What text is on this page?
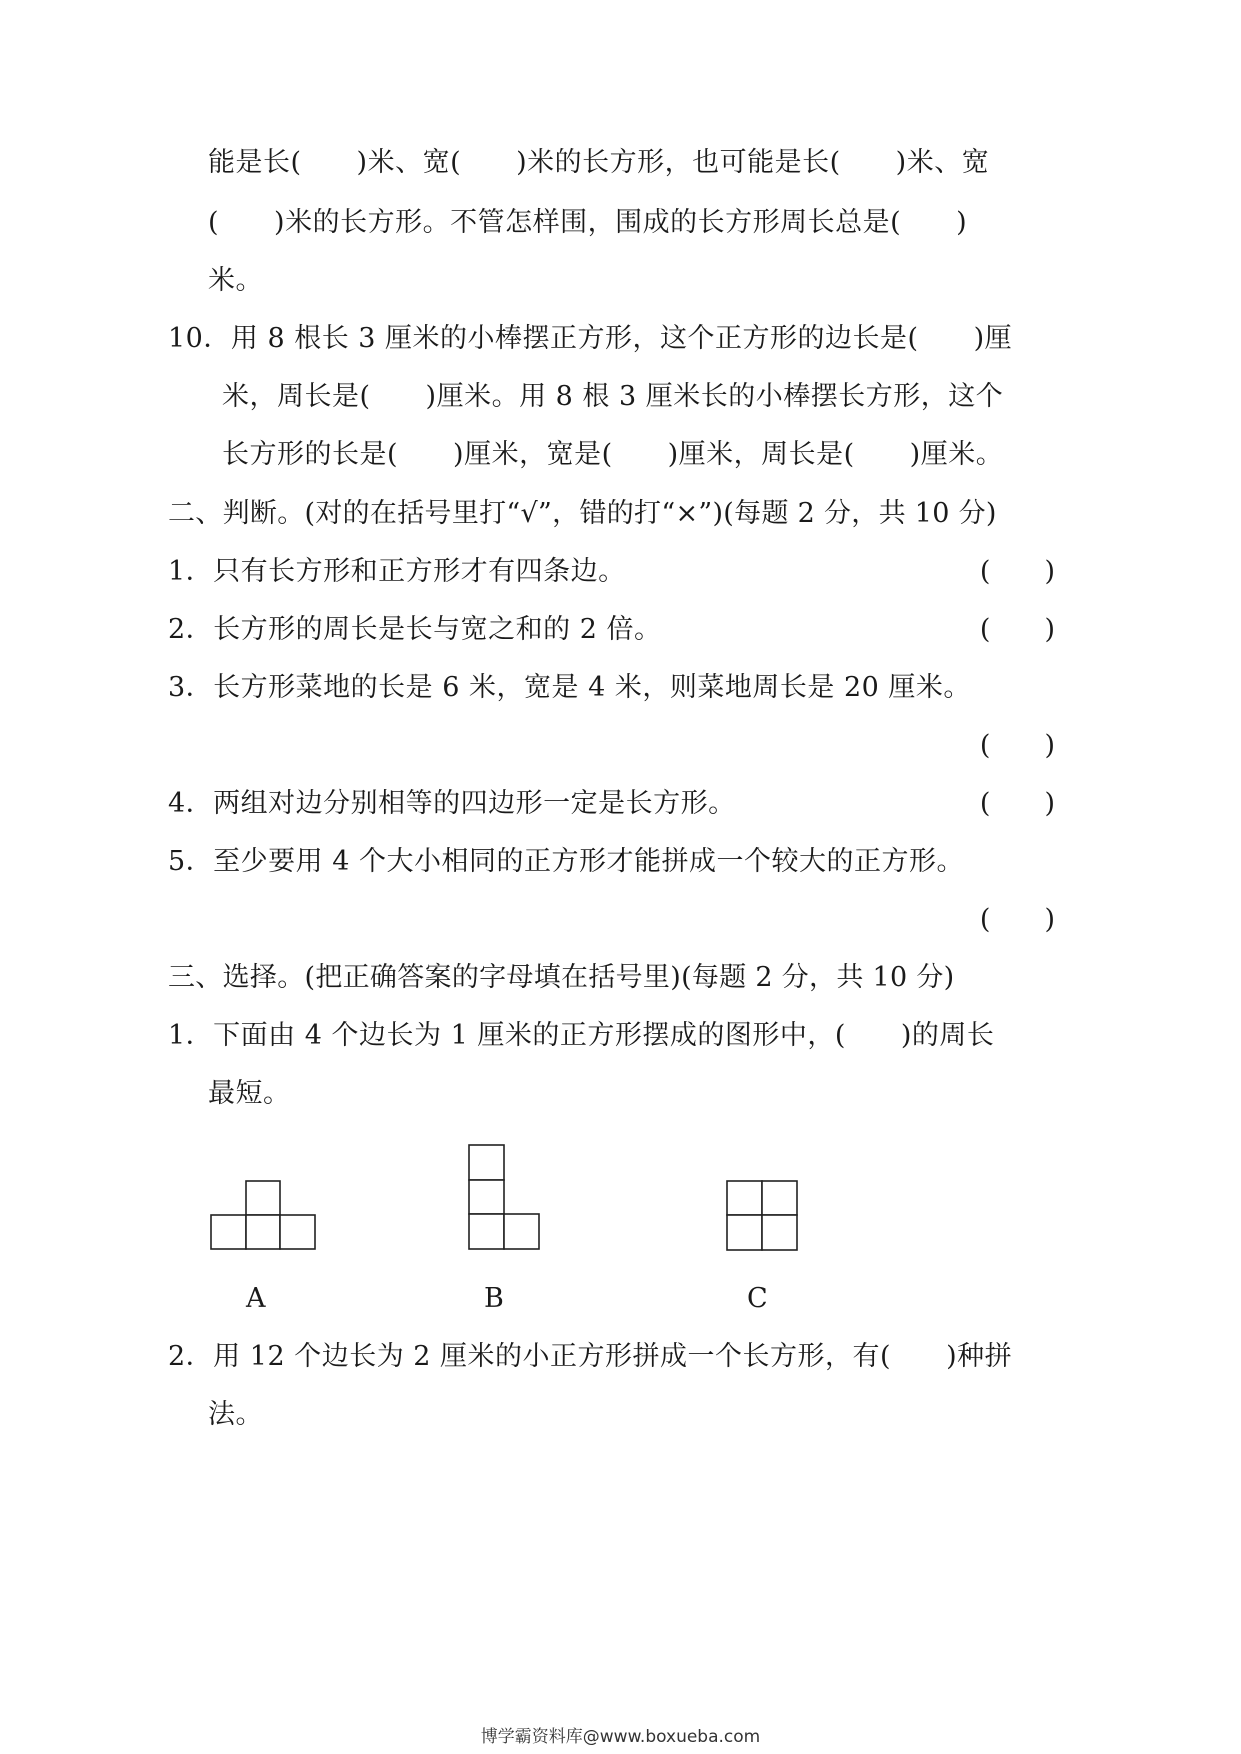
能是长(　　)米、宽(　　)米的长方形，也可能是长(　　)米、宽
(　　)米的长方形。不管怎样围，围成的长方形周长总是(　　)
米。
10．用 8 根长 3 厘米的小棒摆正方形，这个正方形的边长是(　　)厘
米，周长是(　　)厘米。用 8 根 3 厘米长的小棒摆长方形，这个
长方形的长是(　　)厘米，宽是(　　)厘米，周长是(　　)厘米。
二、判断。(对的在括号里打“√”，错的打“×”)(每题 2 分，共 10 分)
1．只有长方形和正方形才有四条边。	(　　)
2．长方形的周长是长与宽之和的 2 倍。	(　　)
3．长方形菜地的长是 6 米，宽是 4 米，则菜地周长是 20 厘米。
(　　)
4．两组对边分别相等的四边形一定是长方形。	(　　)
5．至少要用 4 个大小相同的正方形才能拼成一个较大的正方形。
(　　)
三、选择。(把正确答案的字母填在括号里)(每题 2 分，共 10 分)
1．下面由 4 个边长为 1 厘米的正方形摆成的图形中，(　　)的周长
最短。
A	B	C
2．用 12 个边长为 2 厘米的小正方形拼成一个长方形，有(　　)种拼
法。
博学霸资料库@www.boxueba.com
